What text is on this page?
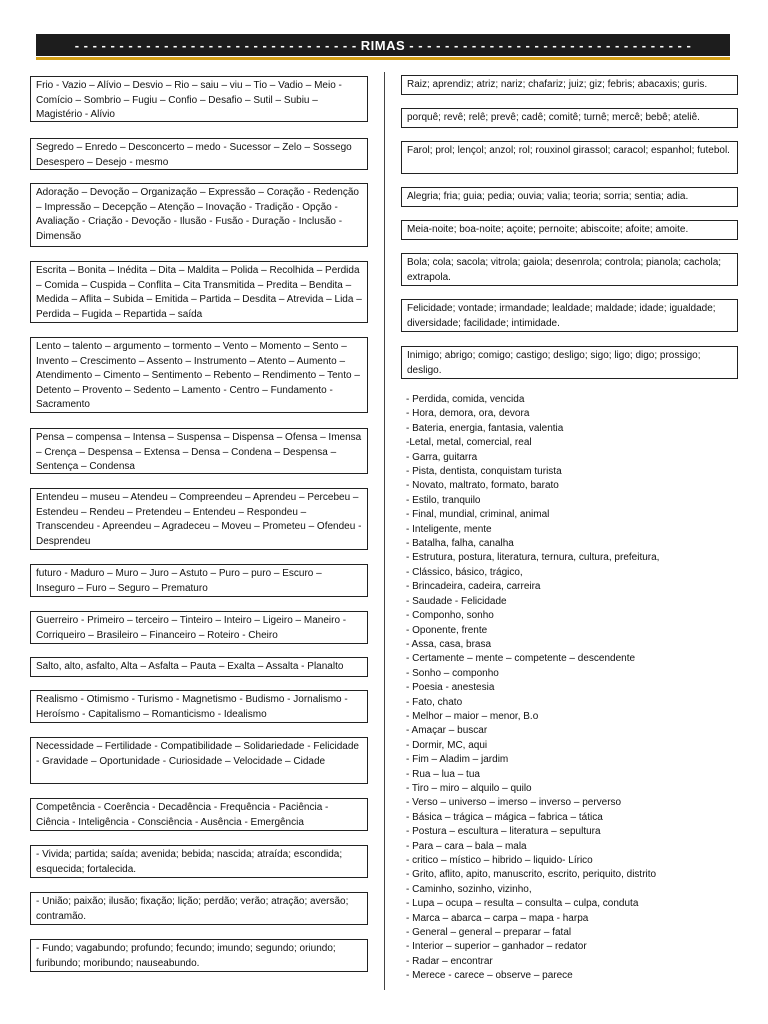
- - - - - - - - - - - - - - - - - - - - - - - - - - - - - - - - RIMAS - - - - - - - - - - - - - - - - - - - - - - - - - - - - - - - -
Frio - Vazio – Alívio – Desvio – Rio – saiu – viu – Tio – Vadio – Meio - Comício – Sombrio – Fugiu – Confio – Desafio – Sutil – Subiu – Magistério - Alívio
Segredo – Enredo – Desconcerto – medo - Sucessor – Zelo – Sossego Desespero – Desejo - mesmo
Adoração – Devoção – Organização – Expressão – Coração - Redenção – Impressão – Decepção – Atenção – Inovação - Tradição - Opção - Avaliação - Criação - Devoção - Ilusão - Fusão - Duração - Inclusão - Dimensão
Escrita – Bonita – Inédita – Dita – Maldita – Polida – Recolhida – Perdida – Comida – Cuspida – Conflita – Cita Transmitida – Predita – Bendita – Medida – Aflita – Subida – Emitida – Partida – Desdita – Atrevida – Lida – Perdida – Fugida – Repartida – saída
Lento – talento – argumento – tormento – Vento – Momento – Sento – Invento – Crescimento – Assento – Instrumento – Atento – Aumento – Atendimento – Cimento – Sentimento – Rebento – Rendimento – Tento – Detento – Provento – Sedento – Lamento - Centro – Fundamento - Sacramento
Pensa – compensa – Intensa – Suspensa – Dispensa – Ofensa – Imensa – Crença – Despensa – Extensa – Densa – Condena – Despensa – Sentença – Condensa
Entendeu – museu – Atendeu – Compreendeu – Aprendeu – Percebeu – Estendeu – Rendeu – Pretendeu – Entendeu – Respondeu – Transcendeu - Apreendeu – Agradeceu – Moveu – Prometeu – Ofendeu - Desprendeu
futuro - Maduro – Muro – Juro – Astuto – Puro – puro – Escuro – Inseguro – Furo – Seguro – Prematuro
Guerreiro - Primeiro – terceiro – Tinteiro – Inteiro – Ligeiro – Maneiro - Corriqueiro – Brasileiro – Financeiro – Roteiro - Cheiro
Salto, alto, asfalto, Alta – Asfalta – Pauta – Exalta – Assalta - Planalto
Realismo - Otimismo - Turismo - Magnetismo - Budismo - Jornalismo - Heroísmo - Capitalismo – Romanticismo - Idealismo
Necessidade – Fertilidade - Compatibilidade – Solidariedade - Felicidade - Gravidade – Oportunidade - Curiosidade – Velocidade – Cidade
Competência - Coerência - Decadência - Frequência - Paciência - Ciência - Inteligência - Consciência - Ausência - Emergência
- Vivida; partida; saída; avenida; bebida; nascida; atraída; escondida; esquecida; fortalecida.
- União; paixão; ilusão; fixação; lição; perdão; verão; atração; aversão; contramão.
- Fundo; vagabundo; profundo; fecundo; imundo; segundo; oriundo; furibundo; moribundo; nauseabundo.
Raiz; aprendiz; atriz; nariz; chafariz; juiz; giz; febris; abacaxis; guris.
porquê; revê; relê; prevê; cadê; comitê; turnê; mercê; bebê; ateliê.
Farol; prol; lençol; anzol; rol; rouxinol girassol; caracol; espanhol; futebol.
Alegria; fria; guia; pedia; ouvia; valia; teoria; sorria; sentia; adia.
Meia-noite; boa-noite; açoite; pernoite; abiscoite; afoite; amoite.
Bola; cola; sacola; vitrola; gaiola; desenrola; controla; pianola; cachola; extrapola.
Felicidade; vontade; irmandade; lealdade; maldade; idade; igualdade; diversidade; facilidade; intimidade.
Inimigo; abrigo; comigo; castigo; desligo; sigo; ligo; digo; prossigo; desligo.
- Perdida, comida, vencida
- Hora, demora, ora, devora
- Bateria, energia, fantasia, valentia
-Letal, metal, comercial, real
- Garra, guitarra
- Pista, dentista, conquistam turista
- Novato, maltrato, formato, barato
- Estilo, tranquilo
- Final, mundial, criminal, animal
- Inteligente, mente
- Batalha, falha, canalha
- Estrutura, postura, literatura, ternura, cultura, prefeitura,
- Clássico, básico, trágico,
- Brincadeira, cadeira, carreira
- Saudade - Felicidade
- Componho, sonho
- Oponente, frente
- Assa, casa, brasa
- Certamente – mente – competente – descendente
- Sonho – componho
- Poesia - anestesia
- Fato, chato
- Melhor – maior – menor, B.o
- Amaçar – buscar
- Dormir, MC, aqui
- Fim – Aladim – jardim
- Rua – lua – tua
- Tiro – miro – alquilo – quilo
- Verso – universo – imerso – inverso – perverso
- Básica – trágica – mágica – fabrica – tática
- Postura – escultura – literatura – sepultura
- Para – cara – bala – mala
- critico – místico – hibrido – liquido- Lírico
- Grito, aflito, apito, manuscrito, escrito, periquito, distrito
- Caminho, sozinho, vizinho,
- Lupa – ocupa – resulta – consulta – culpa, conduta
- Marca – abarca – carpa – mapa - harpa
- General – general – preparar – fatal
- Interior – superior – ganhador – redator
- Radar – encontrar
- Merece - carece – observe – parece
